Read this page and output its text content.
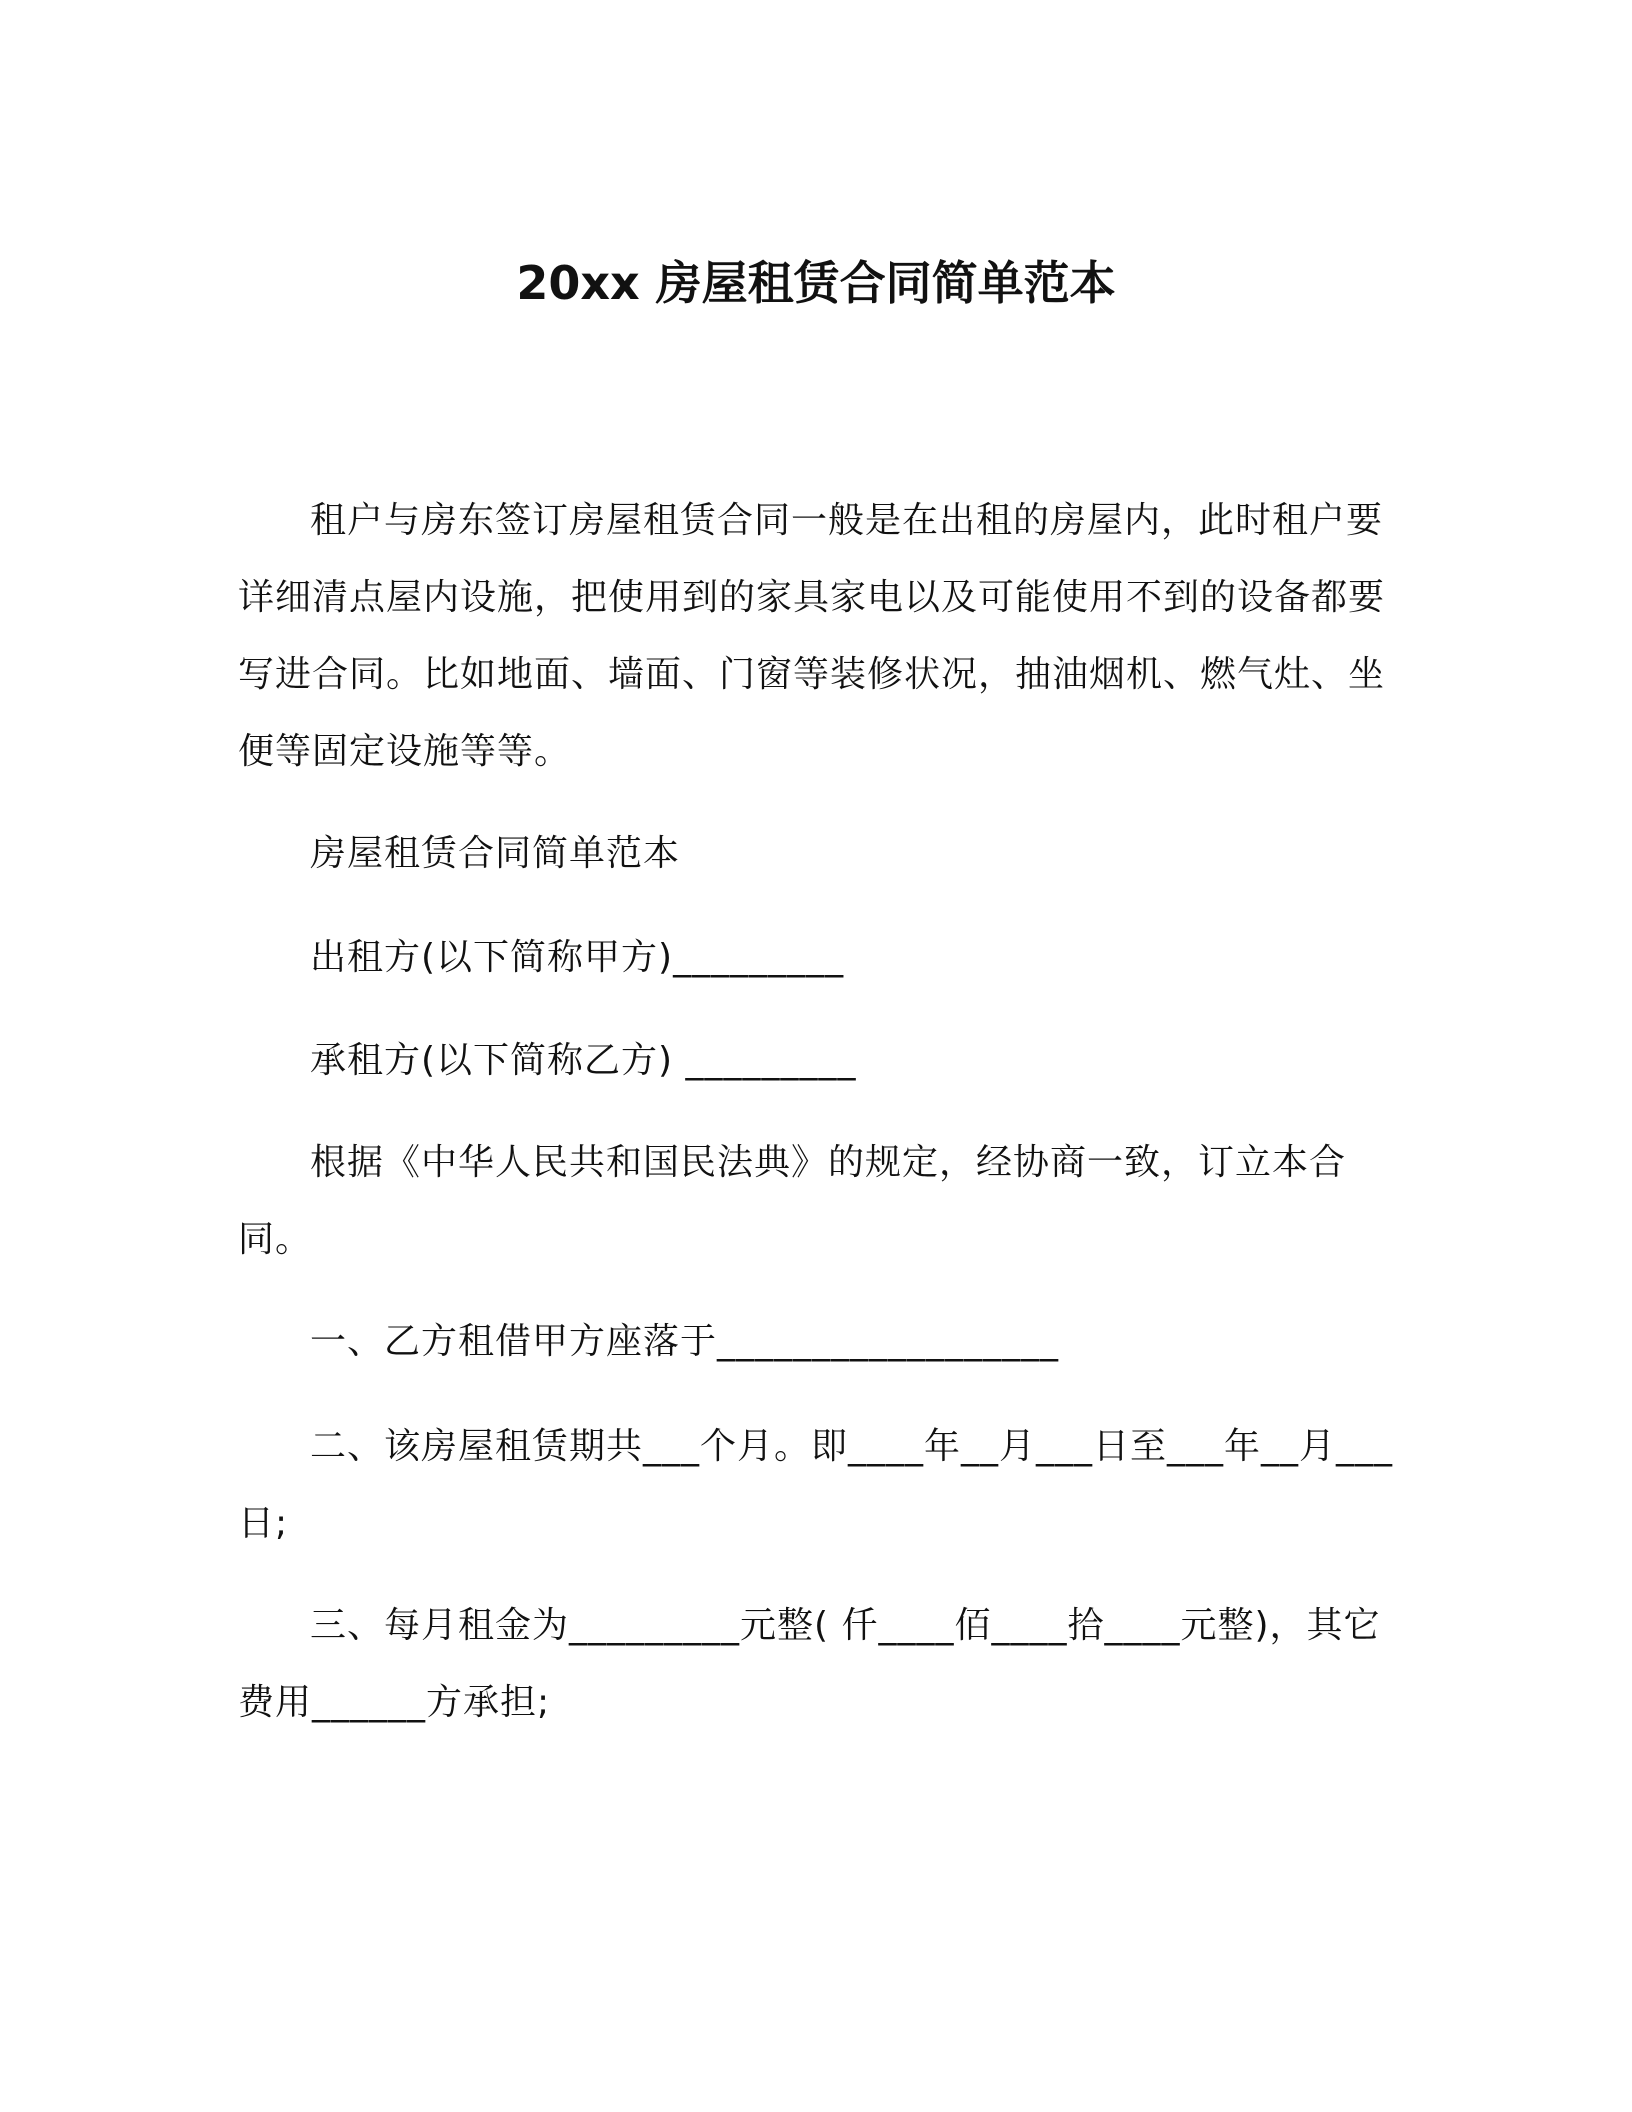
20xx 房屋租赁合同简单范本

租户与房东签订房屋租赁合同一般是在出租的房屋内，此时租户要详细清点屋内设施，把使用到的家具家电以及可能使用不到的设备都要写进合同。比如地面、墙面、门窗等装修状况，抽油烟机、燃气灶、坐便等固定设施等等。

房屋租赁合同简单范本

出租方(以下简称甲方)_________

承租方(以下简称乙方) _________

根据《中华人民共和国民法典》的规定，经协商一致，订立本合同。

一、乙方租借甲方座落于__________________

二、该房屋租赁期共___个月。即____年__月___日至___年__月___日;

三、每月租金为_________元整( 仟____佰____拾____元整)，其它费用______方承担;
